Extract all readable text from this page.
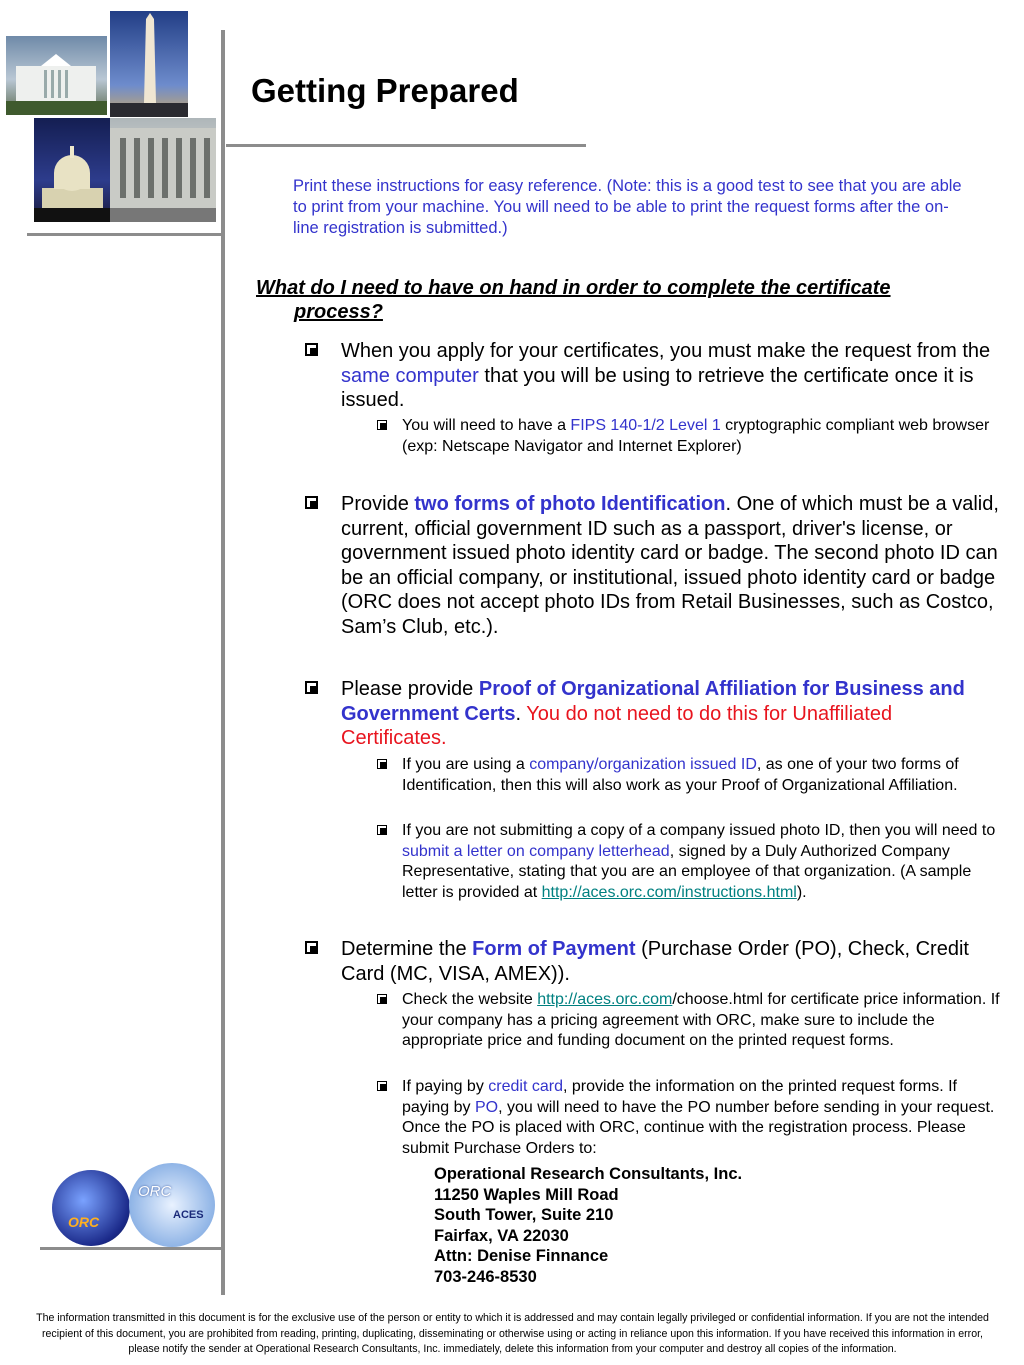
Getting Prepared
Print these instructions for easy reference. (Note: this is a good test to see that you are able to print from your machine. You will need to be able to print the request forms after the on-line registration is submitted.)
What do I need to have on hand in order to complete the certificate
process?
When you apply for your certificates, you must make the request from the same computer that you will be using to retrieve the certificate once it is issued.
You will need to have a FIPS 140-1/2 Level 1 cryptographic compliant web browser (exp: Netscape Navigator and Internet Explorer)
Provide two forms of photo Identification. One of which must be a valid, current, official government ID such as a passport, driver's license, or government issued photo identity card or badge. The second photo ID can be an official company, or institutional, issued photo identity card or badge (ORC does not accept photo IDs from Retail Businesses, such as Costco, Sam’s Club, etc.).
Please provide Proof of Organizational Affiliation for Business and Government Certs. You do not need to do this for Unaffiliated Certificates.
If you are using a company/organization issued ID, as one of your two forms of Identification, then this will also work as your Proof of Organizational Affiliation.
If you are not submitting a copy of a company issued photo ID, then you will need to submit a letter on company letterhead, signed by a Duly Authorized Company Representative, stating that you are an employee of that organization. (A sample letter is provided at http://aces.orc.com/instructions.html).
Determine the Form of Payment (Purchase Order (PO), Check, Credit Card (MC, VISA, AMEX)).
Check the website http://aces.orc.com/choose.html for certificate price information. If your company has a pricing agreement with ORC, make sure to include the appropriate price and funding document on the printed request forms.
If paying by credit card, provide the information on the printed request forms. If paying by PO, you will need to have the PO number before sending in your request. Once the PO is placed with ORC, continue with the registration process. Please submit Purchase Orders to:
Operational Research Consultants, Inc.
11250 Waples Mill Road
South Tower, Suite 210
Fairfax, VA 22030
Attn: Denise Finnance
703-246-8530
ORC
ORC
ACES
The information transmitted in this document is for the exclusive use of the person or entity to which it is addressed and may contain legally privileged or confidential information. If you are not the intended recipient of this document, you are prohibited from reading, printing, duplicating, disseminating or otherwise using or acting in reliance upon this information. If you have received this information in error, please notify the sender at Operational Research Consultants, Inc. immediately, delete this information from your computer and destroy all copies of the information.
